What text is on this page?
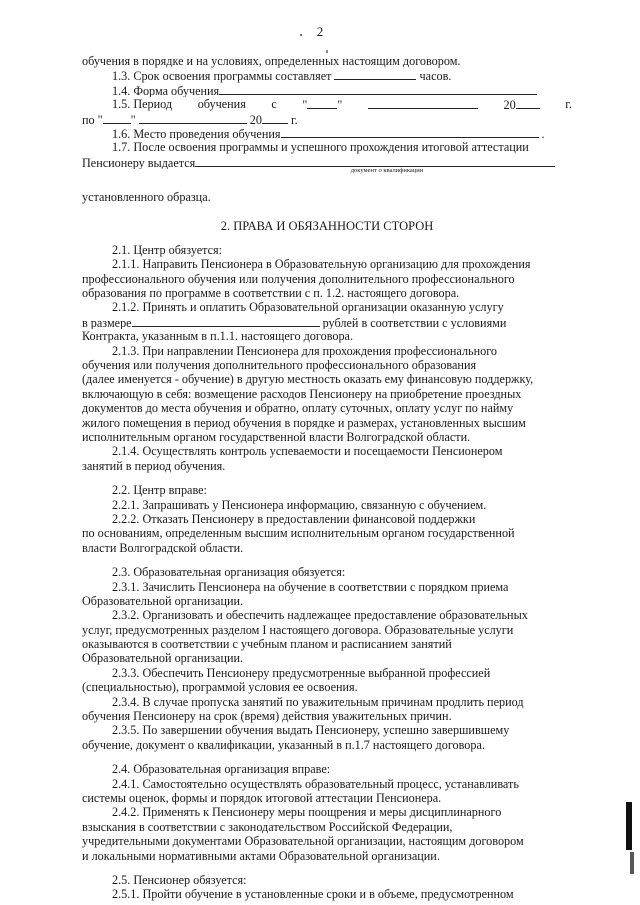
2
обучения в порядке и на условиях, определенных настоящим договором.
1.3. Срок освоения программы составляет	часов.
1.4. Форма обучения
1.5. Период обучения с " "	20	г.
по " "	20 г.
1.6. Место проведения обучения	.
1.7. После освоения программы и успешного прохождения итоговой аттестации
Пенсионеру выдается
документ о квалификации
установленного образца.
2. ПРАВА И ОБЯЗАННОСТИ СТОРОН
2.1. Центр обязуется:
2.1.1. Направить Пенсионера в Образовательную организацию для прохождения
профессионального обучения или получения дополнительного профессионального
образования по программе в соответствии с п. 1.2. настоящего договора.
2.1.2. Принять и оплатить Образовательной организации оказанную услугу
в размере	рублей в соответствии с условиями
Контракта, указанным в п.1.1. настоящего договора.
2.1.3. При направлении Пенсионера для прохождения профессионального
обучения или получения дополнительного профессионального образования
(далее именуется - обучение) в другую местность оказать ему финансовую поддержку,
включающую в себя: возмещение расходов Пенсионеру на приобретение проездных
документов до места обучения и обратно, оплату суточных, оплату услуг по найму
жилого помещения в период обучения в порядке и размерах, установленных высшим
исполнительным органом государственной власти Волгоградской области.
2.1.4. Осуществлять контроль успеваемости и посещаемости Пенсионером
занятий в период обучения.
2.2. Центр вправе:
2.2.1. Запрашивать у Пенсионера информацию, связанную с обучением.
2.2.2. Отказать Пенсионеру в предоставлении финансовой поддержки
по основаниям, определенным высшим исполнительным органом государственной
власти Волгоградской области.
2.3. Образовательная организация обязуется:
2.3.1. Зачислить Пенсионера на обучение в соответствии с порядком приема
Образовательной организации.
2.3.2. Организовать и обеспечить надлежащее предоставление образовательных
услуг, предусмотренных разделом I настоящего договора. Образовательные услуги
оказываются в соответствии с учебным планом и расписанием занятий
Образовательной организации.
2.3.3. Обеспечить Пенсионеру предусмотренные выбранной профессией
(специальностью), программой условия ее освоения.
2.3.4. В случае пропуска занятий по уважительным причинам продлить период
обучения Пенсионеру на срок (время) действия уважительных причин.
2.3.5. По завершении обучения выдать Пенсионеру, успешно завершившему
обучение, документ о квалификации, указанный в п.1.7 настоящего договора.
2.4. Образовательная организация вправе:
2.4.1. Самостоятельно осуществлять образовательный процесс, устанавливать
системы оценок, формы и порядок итоговой аттестации Пенсионера.
2.4.2. Применять к Пенсионеру меры поощрения и меры дисциплинарного
взыскания в соответствии с законодательством Российской Федерации,
учредительными документами Образовательной организации, настоящим договором
и локальными нормативными актами Образовательной организации.
2.5. Пенсионер обязуется:
2.5.1. Пройти обучение в установленные сроки и в объеме, предусмотренном
